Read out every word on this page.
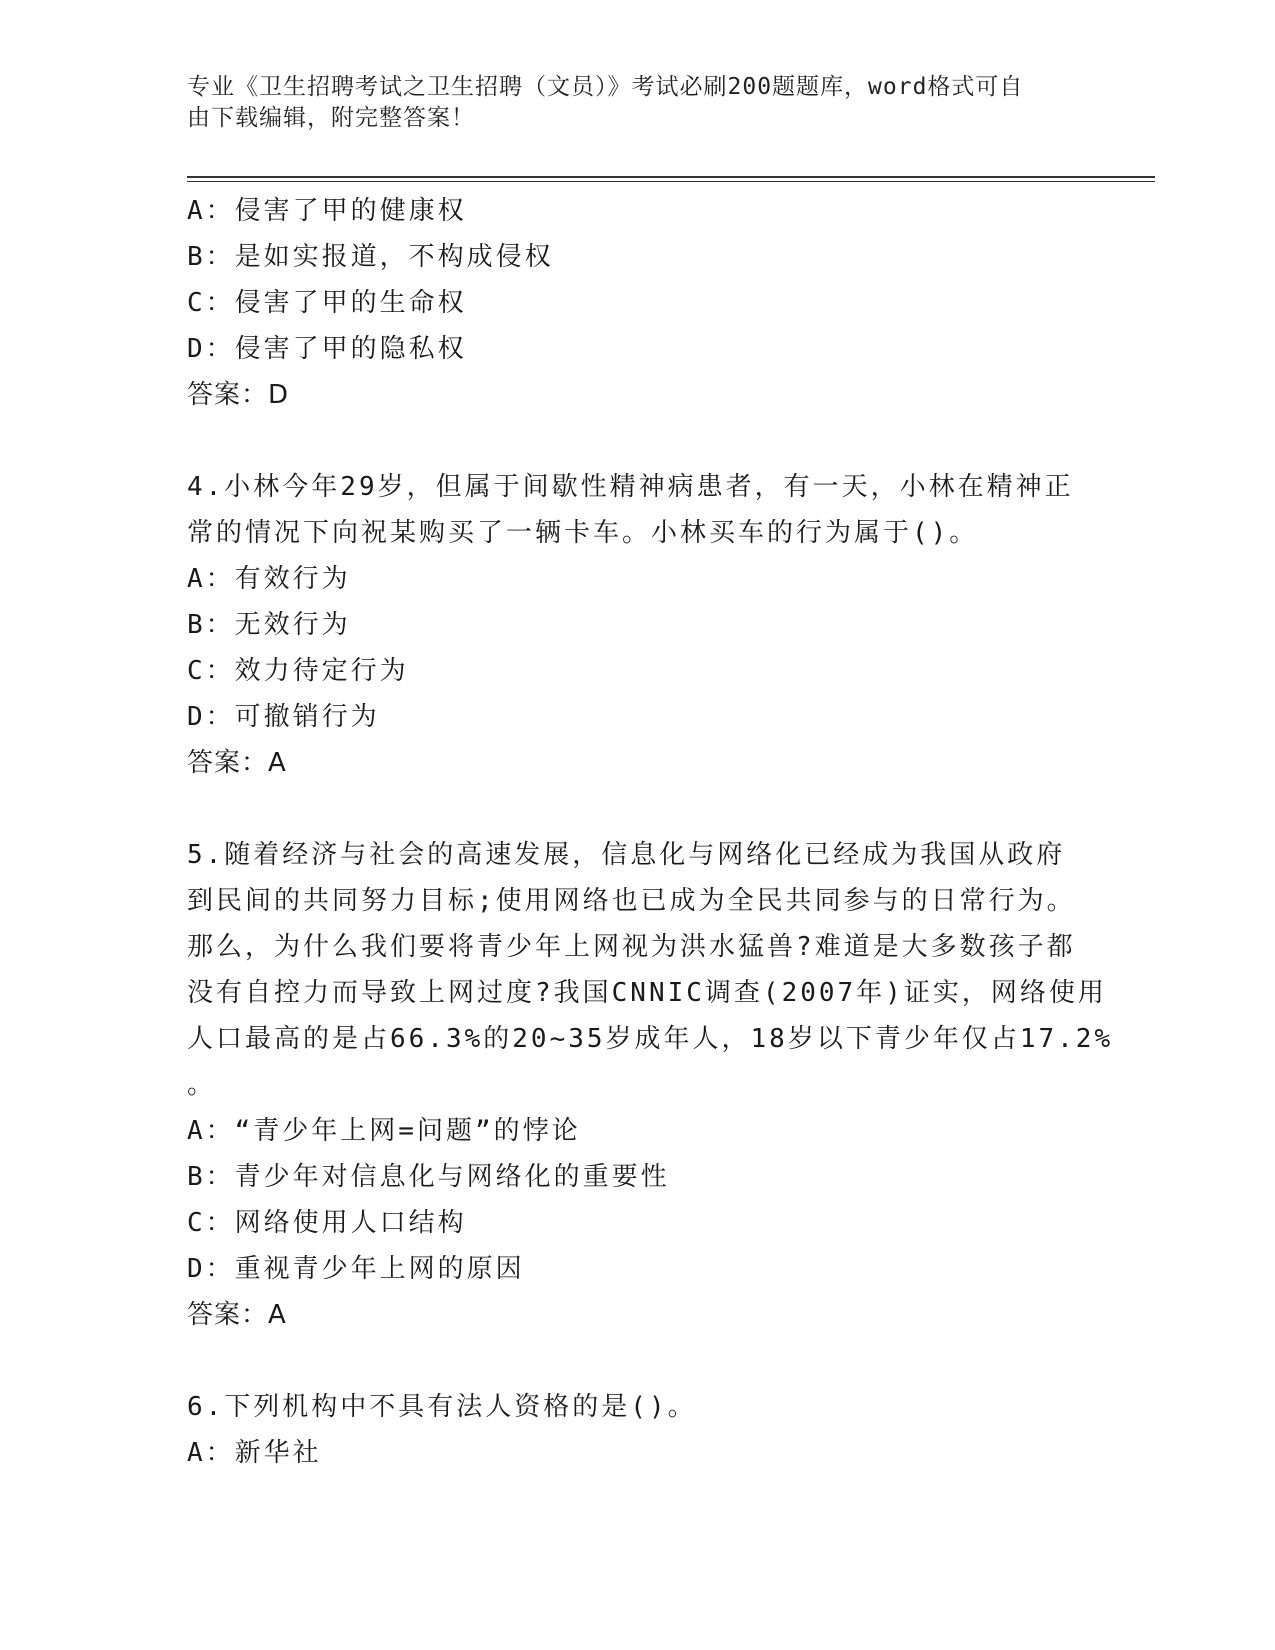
专业《卫生招聘考试之卫生招聘（文员）》考试必刷200题题库，word格式可自
由下载编辑，附完整答案！
A：侵害了甲的健康权
B：是如实报道，不构成侵权
C：侵害了甲的生命权
D：侵害了甲的隐私权
答案：D
4.小林今年29岁，但属于间歇性精神病患者，有一天，小林在精神正
常的情况下向祝某购买了一辆卡车。小林买车的行为属于()。
A：有效行为
B：无效行为
C：效力待定行为
D：可撤销行为
答案：A
5.随着经济与社会的高速发展，信息化与网络化已经成为我国从政府
到民间的共同努力目标;使用网络也已成为全民共同参与的日常行为。
那么，为什么我们要将青少年上网视为洪水猛兽?难道是大多数孩子都
没有自控力而导致上网过度?我国CNNIC调查(2007年)证实，网络使用
人口最高的是占66.3%的20~35岁成年人，18岁以下青少年仅占17.2%
。
A：“青少年上网=问题”的悖论
B：青少年对信息化与网络化的重要性
C：网络使用人口结构
D：重视青少年上网的原因
答案：A
6.下列机构中不具有法人资格的是()。
A：新华社
